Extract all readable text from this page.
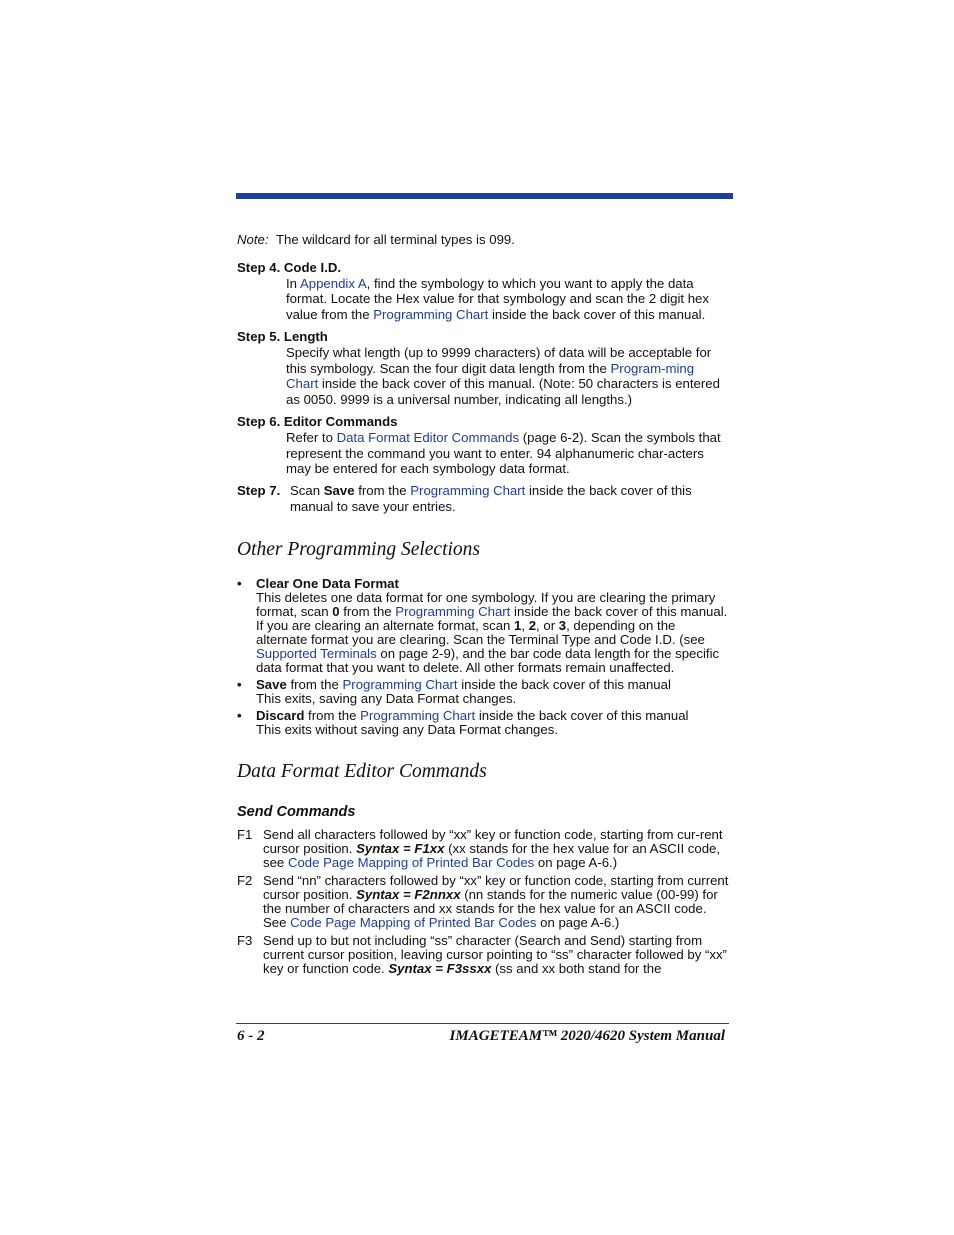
Note: The wildcard for all terminal types is 099.
Step 4. Code I.D.
In Appendix A, find the symbology to which you want to apply the data format. Locate the Hex value for that symbology and scan the 2 digit hex value from the Programming Chart inside the back cover of this manual.
Step 5. Length
Specify what length (up to 9999 characters) of data will be acceptable for this symbology. Scan the four digit data length from the Program-ming Chart inside the back cover of this manual. (Note: 50 characters is entered as 0050. 9999 is a universal number, indicating all lengths.)
Step 6. Editor Commands
Refer to Data Format Editor Commands (page 6-2). Scan the symbols that represent the command you want to enter. 94 alphanumeric char-acters may be entered for each symbology data format.
Step 7. Scan Save from the Programming Chart inside the back cover of this manual to save your entries.
Other Programming Selections
• Clear One Data Format
This deletes one data format for one symbology. If you are clearing the primary format, scan 0 from the Programming Chart inside the back cover of this manual. If you are clearing an alternate format, scan 1, 2, or 3, depending on the alternate format you are clearing. Scan the Terminal Type and Code I.D. (see Supported Terminals on page 2-9), and the bar code data length for the specific data format that you want to delete. All other formats remain unaffected.
• Save from the Programming Chart inside the back cover of this manual
This exits, saving any Data Format changes.
• Discard from the Programming Chart inside the back cover of this manual
This exits without saving any Data Format changes.
Data Format Editor Commands
Send Commands
F1 Send all characters followed by “xx” key or function code, starting from cur-rent cursor position. Syntax = F1xx (xx stands for the hex value for an ASCII code, see Code Page Mapping of Printed Bar Codes on page A-6.)
F2 Send “nn” characters followed by “xx” key or function code, starting from current cursor position. Syntax = F2nnxx (nn stands for the numeric value (00-99) for the number of characters and xx stands for the hex value for an ASCII code. See Code Page Mapping of Printed Bar Codes on page A-6.)
F3 Send up to but not including “ss” character (Search and Send) starting from current cursor position, leaving cursor pointing to “ss” character followed by “xx” key or function code. Syntax = F3ssxx (ss and xx both stand for the
6 - 2	IMAGETEAM™ 2020/4620 System Manual
